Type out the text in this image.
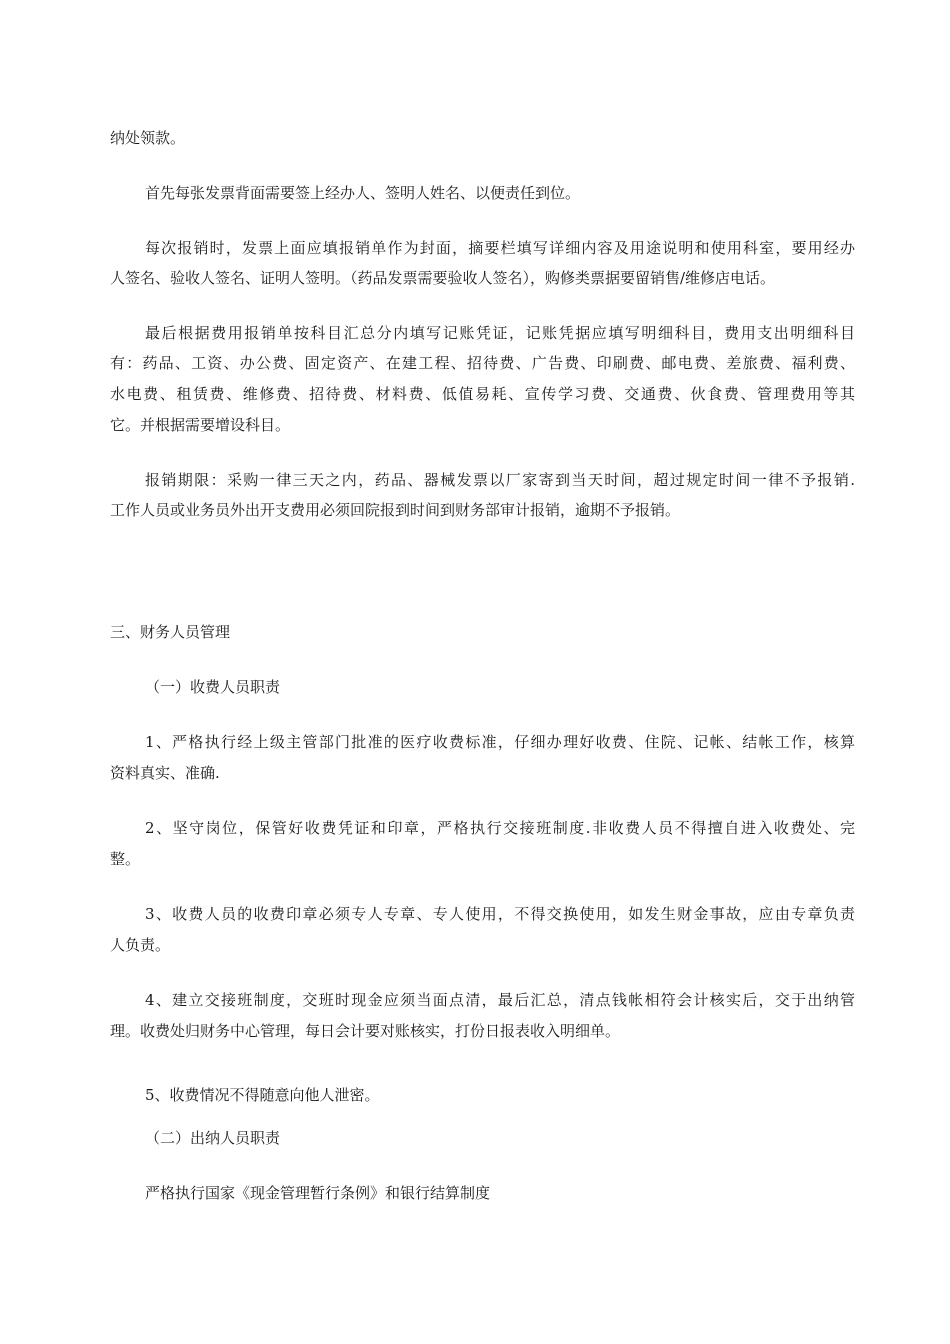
纳处领款。
首先每张发票背面需要签上经办人、签明人姓名、以便责任到位。
每次报销时，发票上面应填报销单作为封面，摘要栏填写详细内容及用途说明和使用科室，要用经办
人签名、验收人签名、证明人签明。（药品发票需要验收人签名），购修类票据要留销售/维修店电话。
最后根据费用报销单按科目汇总分内填写记账凭证，记账凭据应填写明细科目，费用支出明细科目
有：药品、工资、办公费、固定资产、在建工程、招待费、广告费、印刷费、邮电费、差旅费、福利费、
水电费、租赁费、维修费、招待费、材料费、低值易耗、宣传学习费、交通费、伙食费、管理费用等其
它。并根据需要增设科目。
报销期限：采购一律三天之内，药品、器械发票以厂家寄到当天时间，超过规定时间一律不予报销.
工作人员或业务员外出开支费用必须回院报到时间到财务部审计报销，逾期不予报销。
三、财务人员管理
（一）收费人员职责
1、严格执行经上级主管部门批准的医疗收费标准，仔细办理好收费、住院、记帐、结帐工作，核算
资料真实、准确.
2、坚守岗位，保管好收费凭证和印章，严格执行交接班制度.非收费人员不得擅自进入收费处、完
整。
3、收费人员的收费印章必须专人专章、专人使用，不得交换使用，如发生财金事故，应由专章负责
人负责。
4、建立交接班制度，交班时现金应须当面点清，最后汇总，清点钱帐相符会计核实后，交于出纳管
理。收费处归财务中心管理，每日会计要对账核实，打份日报表收入明细单。
5、收费情况不得随意向他人泄密。
（二）出纳人员职责
严格执行国家《现金管理暂行条例》和银行结算制度
